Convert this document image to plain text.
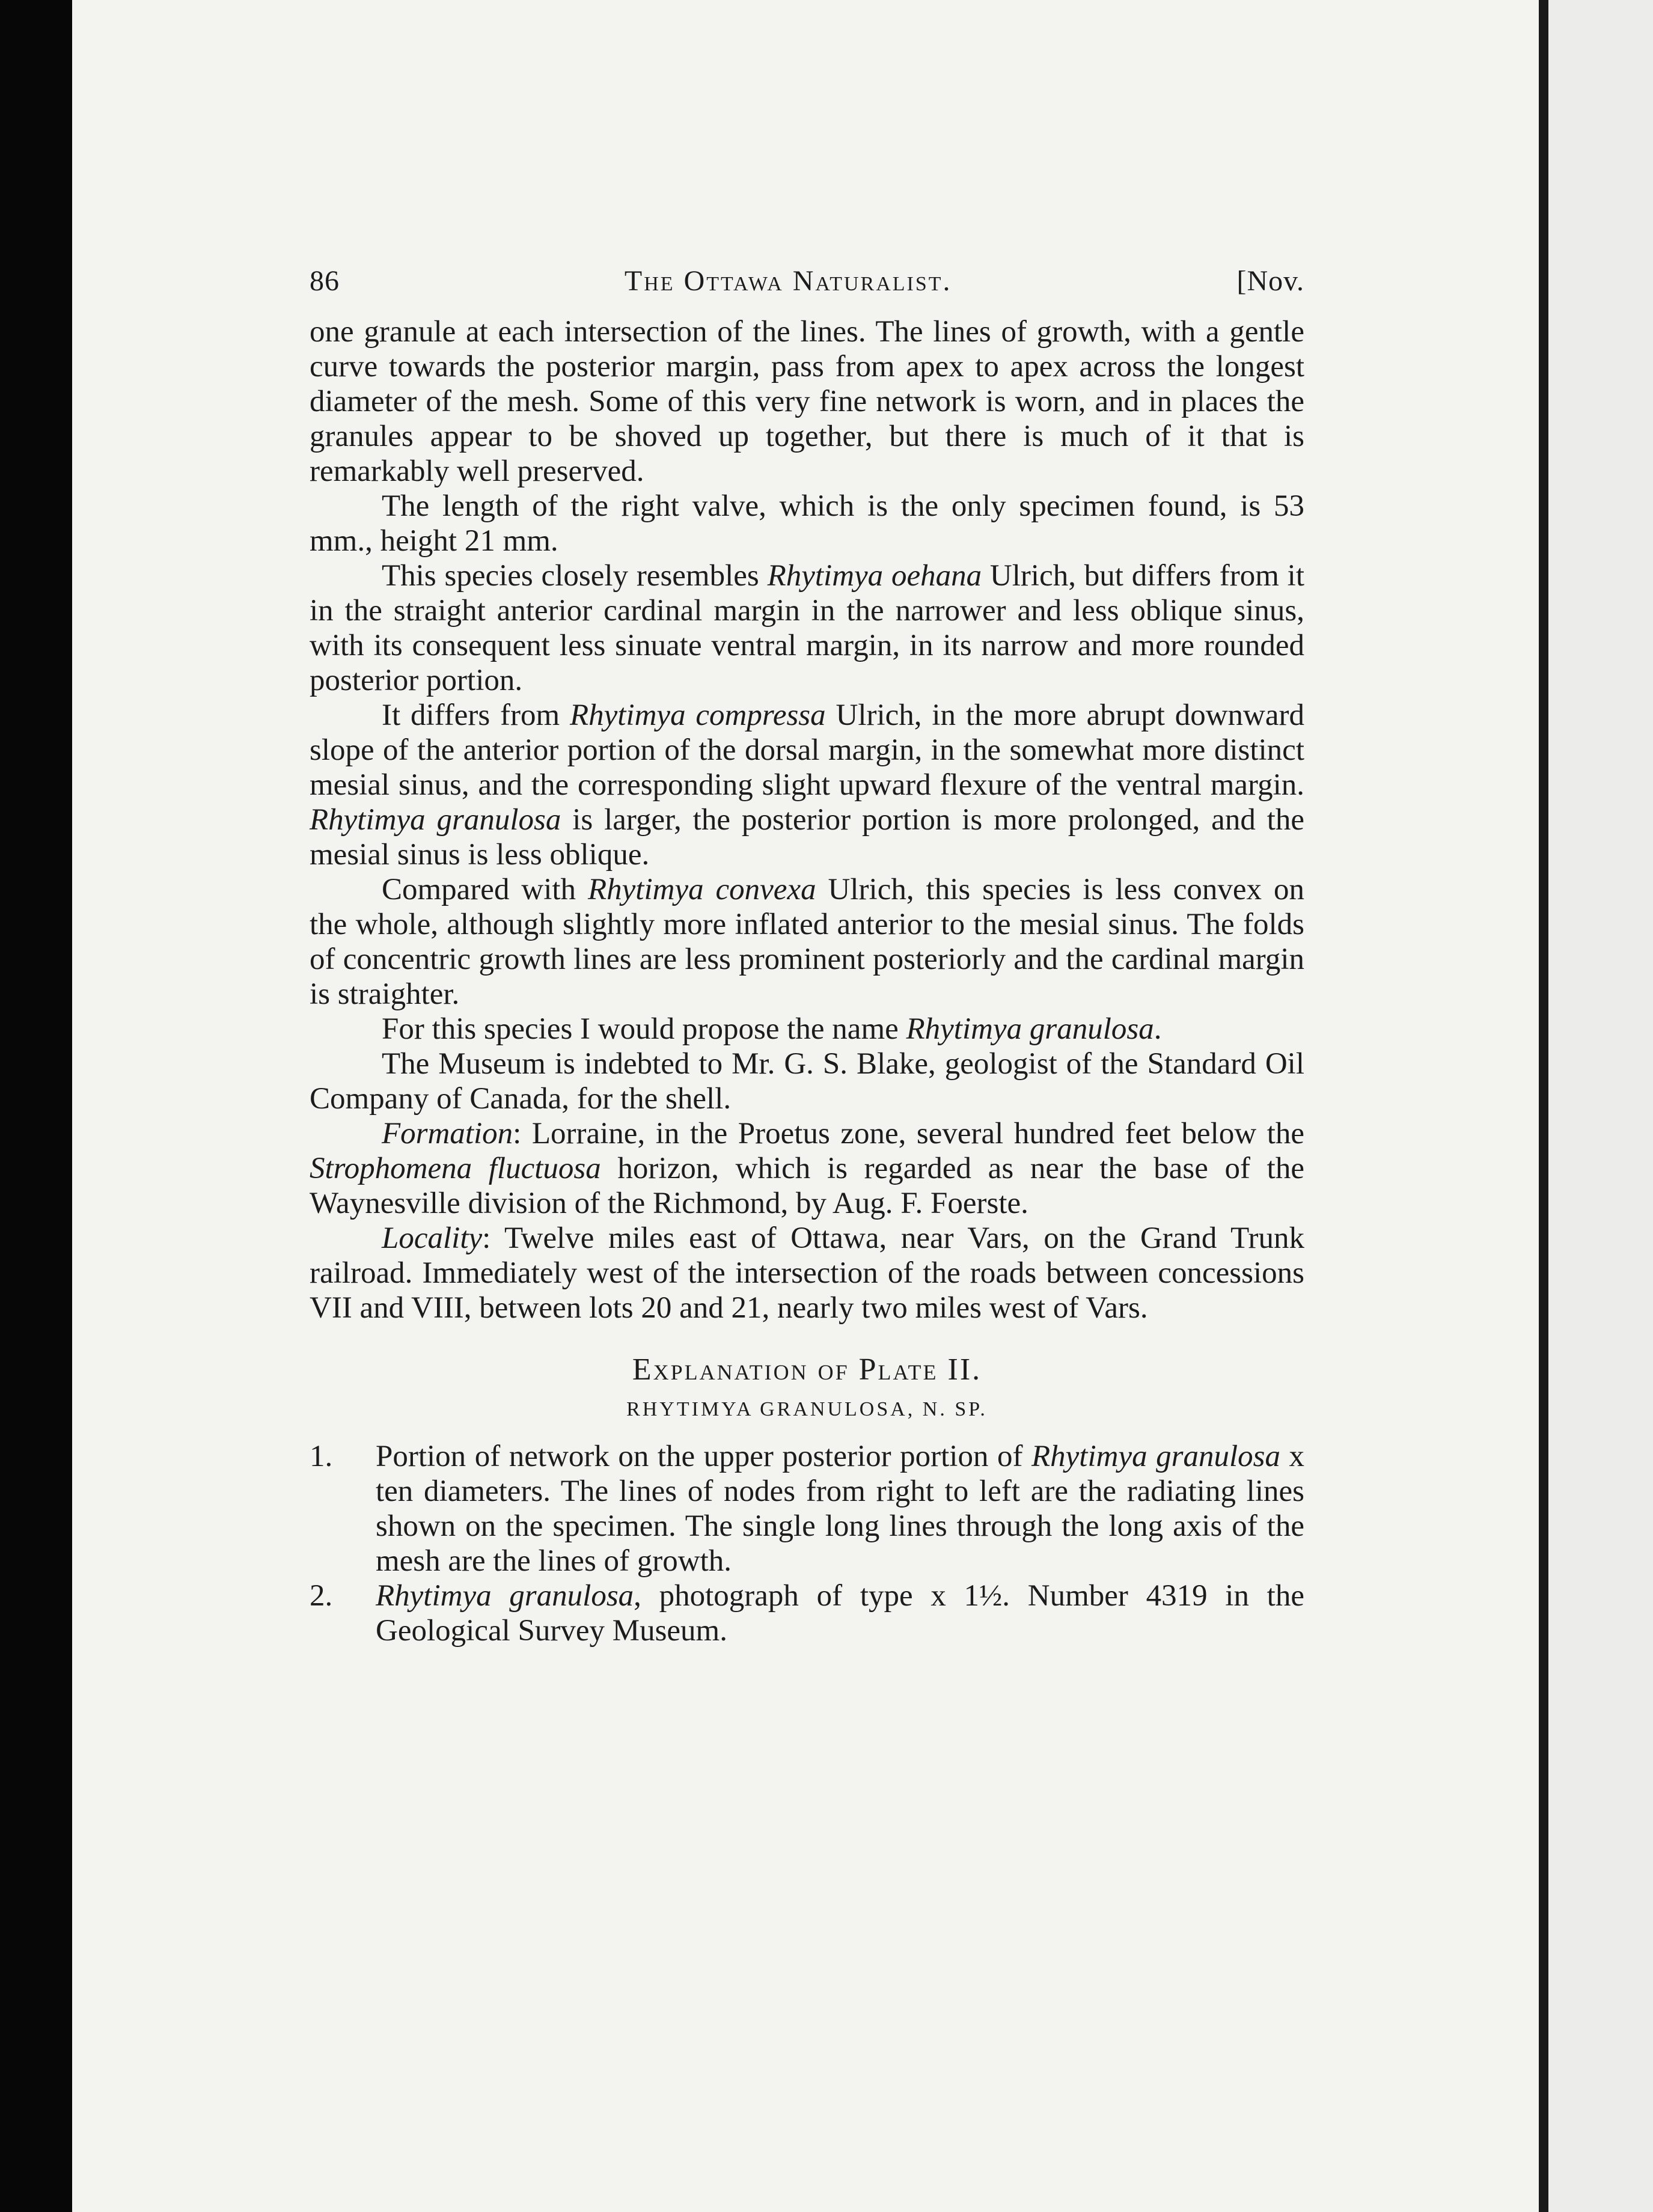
86	The Ottawa Naturalist.	[Nov.

one granule at each intersection of the lines. The lines of growth, with a gentle curve towards the posterior margin, pass from apex to apex across the longest diameter of the mesh. Some of this very fine network is worn, and in places the granules appear to be shoved up together, but there is much of it that is remarkably well preserved.

The length of the right valve, which is the only specimen found, is 53 mm., height 21 mm.

This species closely resembles Rhytimya oehana Ulrich, but differs from it in the straight anterior cardinal margin in the narrower and less oblique sinus, with its consequent less sinuate ventral margin, in its narrow and more rounded posterior portion.

It differs from Rhytimya compressa Ulrich, in the more abrupt downward slope of the anterior portion of the dorsal margin, in the somewhat more distinct mesial sinus, and the corresponding slight upward flexure of the ventral margin. Rhytimya granulosa is larger, the posterior portion is more prolonged, and the mesial sinus is less oblique.

Compared with Rhytimya convexa Ulrich, this species is less convex on the whole, although slightly more inflated anterior to the mesial sinus. The folds of concentric growth lines are less prominent posteriorly and the cardinal margin is straighter.

For this species I would propose the name Rhytimya granulosa.

The Museum is indebted to Mr. G. S. Blake, geologist of the Standard Oil Company of Canada, for the shell.

Formation: Lorraine, in the Proetus zone, several hundred feet below the Strophomena fluctuosa horizon, which is regarded as near the base of the Waynesville division of the Richmond, by Aug. F. Foerste.

Locality: Twelve miles east of Ottawa, near Vars, on the Grand Trunk railroad. Immediately west of the intersection of the roads between concessions VII and VIII, between lots 20 and 21, nearly two miles west of Vars.

Explanation of Plate II.
RHYTIMYA GRANULOSA, N. SP.
1.	Portion of network on the upper posterior portion of Rhytimya granulosa x ten diameters. The lines of nodes from right to left are the radiating lines shown on the specimen. The single long lines through the long axis of the mesh are the lines of growth.
2.	Rhytimya granulosa, photograph of type x 1½. Number 4319 in the Geological Survey Museum.
